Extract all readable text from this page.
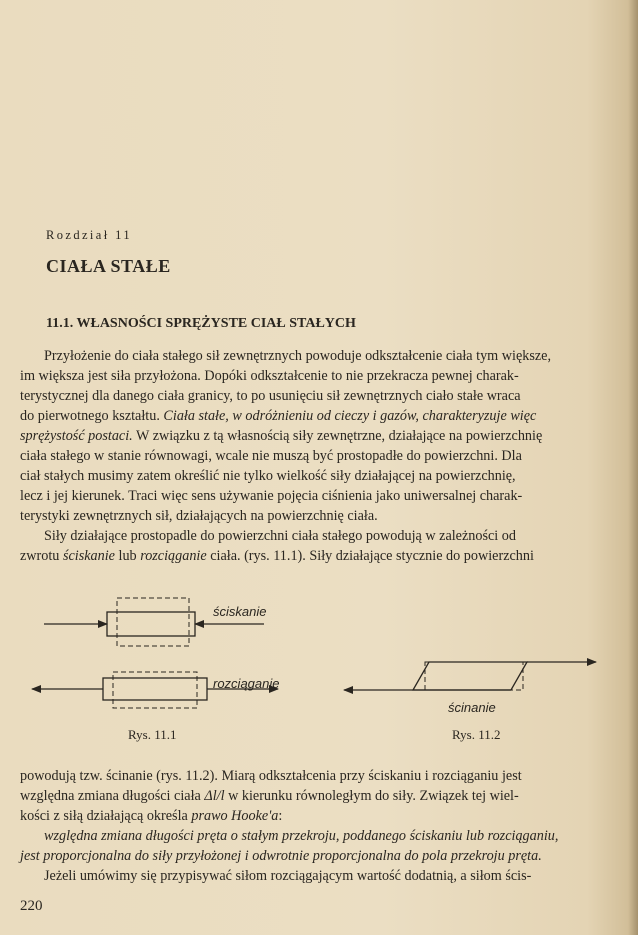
Rozdział 11
CIAŁA STAŁE
11.1. WŁASNOŚCI SPRĘŻYSTE CIAŁ STAŁYCH
Przyłożenie do ciała stałego sił zewnętrznych powoduje odkształcenie ciała tym większe,
im większa jest siła przyłożona. Dopóki odkształcenie to nie przekracza pewnej charak-
terystycznej dla danego ciała granicy, to po usunięciu sił zewnętrznych ciało stałe wraca
do pierwotnego kształtu. Ciała stałe, w odróżnieniu od cieczy i gazów, charakteryzuje więc
sprężystość postaci. W związku z tą własnością siły zewnętrzne, działające na powierzchnię
ciała stałego w stanie równowagi, wcale nie muszą być prostopadłe do powierzchni. Dla
ciał stałych musimy zatem określić nie tylko wielkość siły działającej na powierzchnię,
lecz i jej kierunek. Traci więc sens używanie pojęcia ciśnienia jako uniwersalnej charak-
terystyki zewnętrznych sił, działających na powierzchnię ciała.
Siły działające prostopadle do powierzchni ciała stałego powodują w zależności od
zwrotu ściskanie lub rozciąganie ciała. (rys. 11.1). Siły działające stycznie do powierzchni
ściskanie
rozciąganie
ścinanie
Rys. 11.1	Rys. 11.2
powodują tzw. ścinanie (rys. 11.2). Miarą odkształcenia przy ściskaniu i rozciąganiu jest
względna zmiana długości ciała Δl/l w kierunku równoległym do siły. Związek tej wiel-
kości z siłą działającą określa prawo Hooke'a:
względna zmiana długości pręta o stałym przekroju, poddanego ściskaniu lub rozciąganiu,
jest proporcjonalna do siły przyłożonej i odwrotnie proporcjonalna do pola przekroju pręta.
Jeżeli umówimy się przypisywać siłom rozciągającym wartość dodatnią, a siłom ścis-
220
